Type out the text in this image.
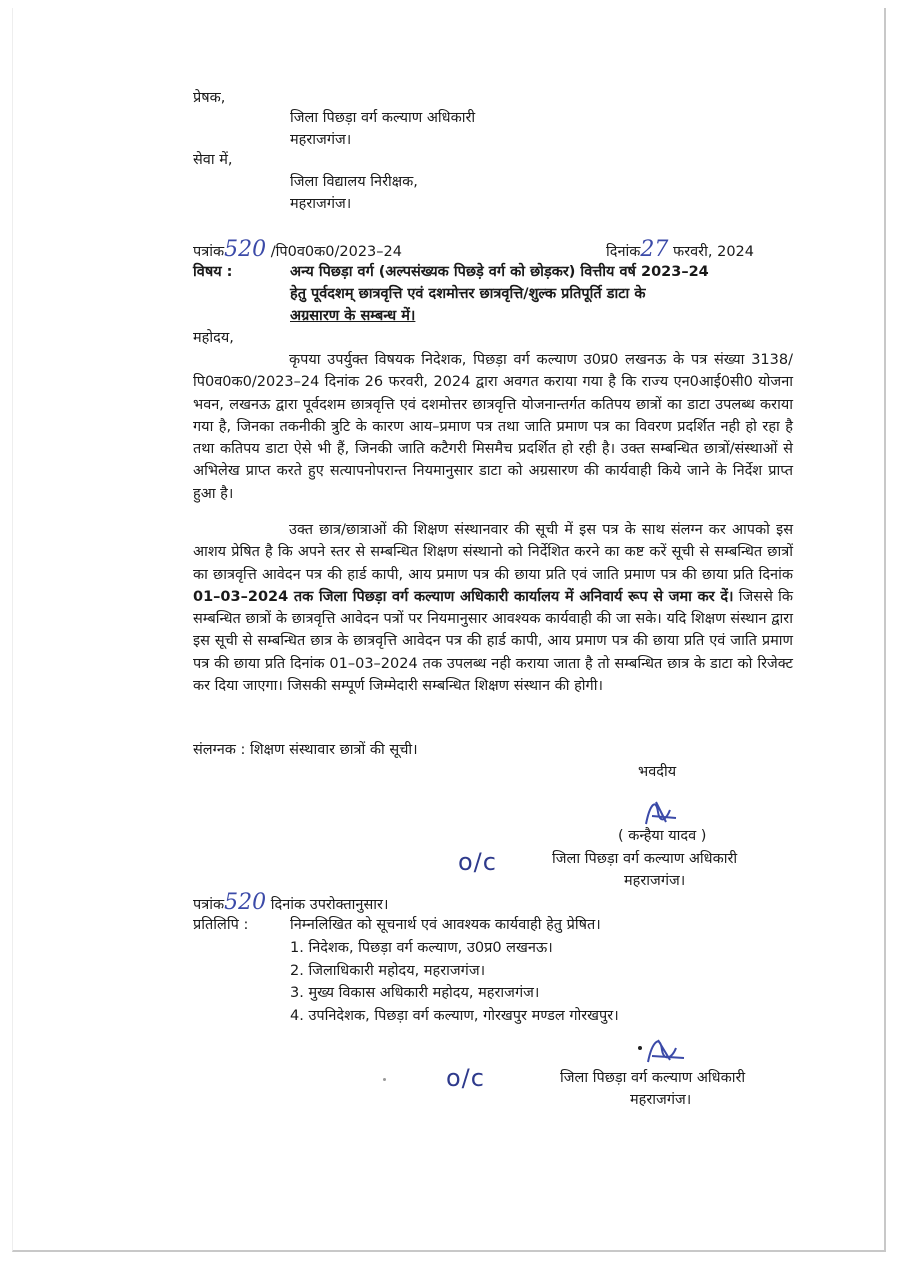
प्रेषक,
जिला पिछड़ा वर्ग कल्याण अधिकारी
महराजगंज।
सेवा में,
जिला विद्यालय निरीक्षक,
महराजगंज।
पत्रांक520 /पि0व0क0/2023–24	दिनांक27 फरवरी, 2024
विषय :	अन्य पिछड़ा वर्ग (अल्पसंख्यक पिछड़े वर्ग को छोड़कर) वित्तीय वर्ष 2023–24
हेतु पूर्वदशम् छात्रवृत्ति एवं दशमोत्तर छात्रवृत्ति/शुल्क प्रतिपूर्ति डाटा के
अग्रसारण के सम्बन्ध में।
महोदय,
कृपया उपर्युक्त विषयक निदेशक, पिछड़ा वर्ग कल्याण उ0प्र0 लखनऊ के पत्र संख्या 3138/पि0व0क0/2023–24 दिनांक 26 फरवरी, 2024 द्वारा अवगत कराया गया है कि राज्य एन0आई0सी0 योजना भवन, लखनऊ द्वारा पूर्वदशम छात्रवृत्ति एवं दशमोत्तर छात्रवृत्ति योजनान्तर्गत कतिपय छात्रों का डाटा उपलब्ध कराया गया है, जिनका तकनीकी त्रुटि के कारण आय–प्रमाण पत्र तथा जाति प्रमाण पत्र का विवरण प्रदर्शित नही हो रहा है तथा कतिपय डाटा ऐसे भी हैं, जिनकी जाति कटैगरी मिसमैच प्रदर्शित हो रही है। उक्त सम्बन्धित छात्रों/संस्थाओं से अभिलेख प्राप्त करते हुए सत्यापनोपरान्त नियमानुसार डाटा को अग्रसारण की कार्यवाही किये जाने के निर्देश प्राप्त हुआ है।
उक्त छात्र/छात्राओं की शिक्षण संस्थानवार की सूची में इस पत्र के साथ संलग्न कर आपको इस आशय प्रेषित है कि अपने स्तर से सम्बन्धित शिक्षण संस्थानो को निर्देशित करने का कष्ट करें सूची से सम्बन्धित छात्रों का छात्रवृत्ति आवेदन पत्र की हार्ड कापी, आय प्रमाण पत्र की छाया प्रति एवं जाति प्रमाण पत्र की छाया प्रति दिनांक 01–03–2024 तक जिला पिछड़ा वर्ग कल्याण अधिकारी कार्यालय में अनिवार्य रूप से जमा कर दें। जिससे कि सम्बन्धित छात्रों के छात्रवृत्ति आवेदन पत्रों पर नियमानुसार आवश्यक कार्यवाही की जा सके। यदि शिक्षण संस्थान द्वारा इस सूची से सम्बन्धित छात्र के छात्रवृत्ति आवेदन पत्र की हार्ड कापी, आय प्रमाण पत्र की छाया प्रति एवं जाति प्रमाण पत्र की छाया प्रति दिनांक 01–03–2024 तक उपलब्ध नही कराया जाता है तो सम्बन्धित छात्र के डाटा को रिजेक्ट कर दिया जाएगा। जिसकी सम्पूर्ण जिम्मेदारी सम्बन्धित शिक्षण संस्थान की होगी।
संलग्नक : शिक्षण संस्थावार छात्रों की सूची।
भवदीय
( कन्हैया यादव )
o/c	जिला पिछड़ा वर्ग कल्याण अधिकारी
महराजगंज।
पत्रांक520 दिनांक उपरोक्तानुसार।
प्रतिलिपि :	निम्नलिखित को सूचनार्थ एवं आवश्यक कार्यवाही हेतु प्रेषित।
1. निदेशक, पिछड़ा वर्ग कल्याण, उ0प्र0 लखनऊ।
2. जिलाधिकारी महोदय, महराजगंज।
3. मुख्य विकास अधिकारी महोदय, महराजगंज।
4. उपनिदेशक, पिछड़ा वर्ग कल्याण, गोरखपुर मण्डल गोरखपुर।
o/c	जिला पिछड़ा वर्ग कल्याण अधिकारी
महराजगंज।
